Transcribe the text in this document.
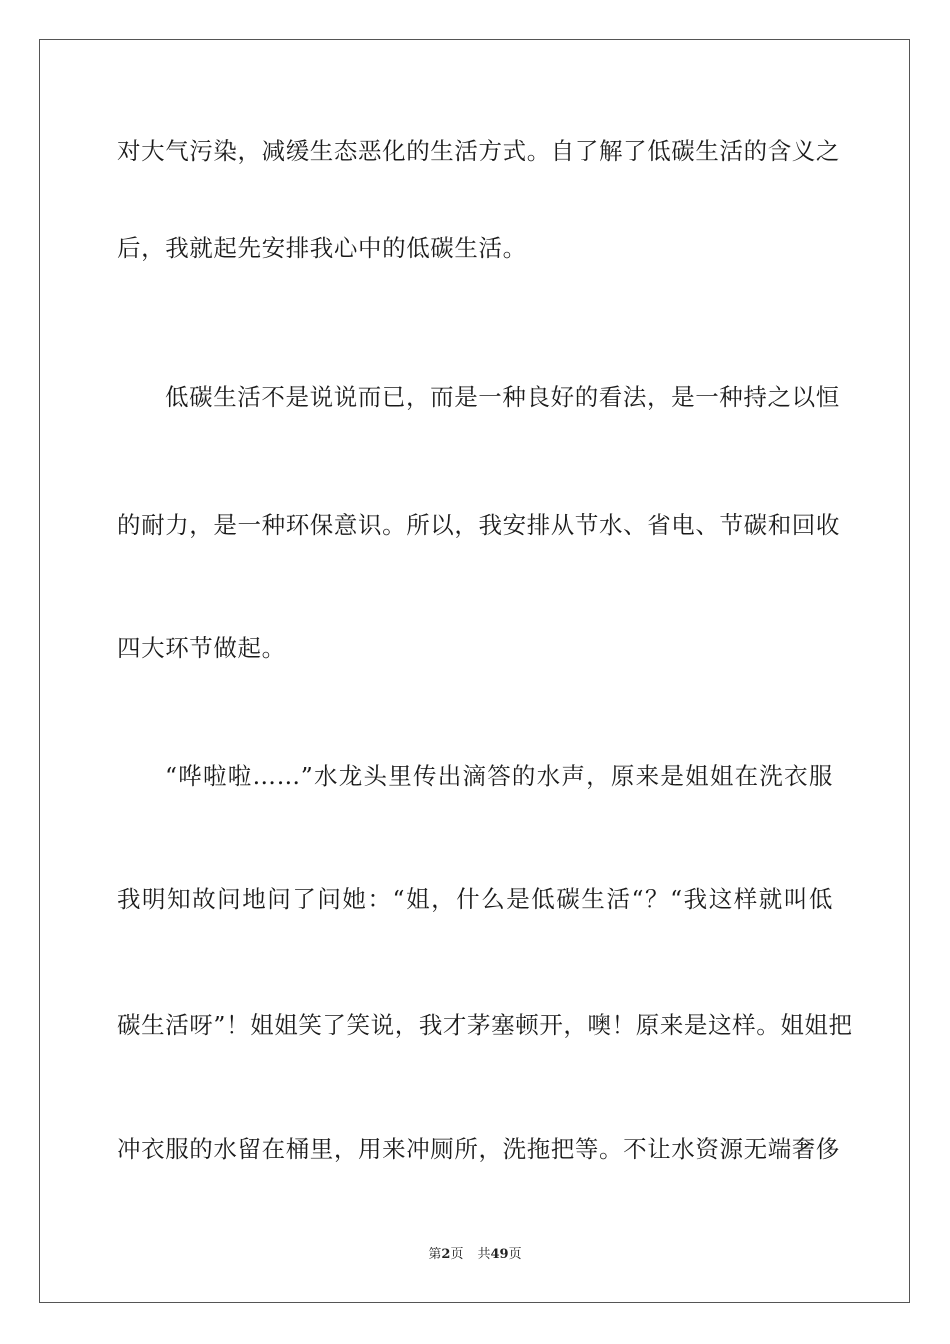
对大气污染，减缓生态恶化的生活方式。自了解了低碳生活的含义之
后，我就起先安排我心中的低碳生活。
低碳生活不是说说而已，而是一种良好的看法，是一种持之以恒
的耐力，是一种环保意识。所以，我安排从节水、省电、节碳和回收
四大环节做起。
“哗啦啦……”水龙头里传出滴答的水声，原来是姐姐在洗衣服
我明知故问地问了问她：“姐，什么是低碳生活“？“我这样就叫低
碳生活呀”！姐姐笑了笑说，我才茅塞顿开，噢！原来是这样。姐姐把
冲衣服的水留在桶里，用来冲厕所，洗拖把等。不让水资源无端奢侈
第2页 共49页
